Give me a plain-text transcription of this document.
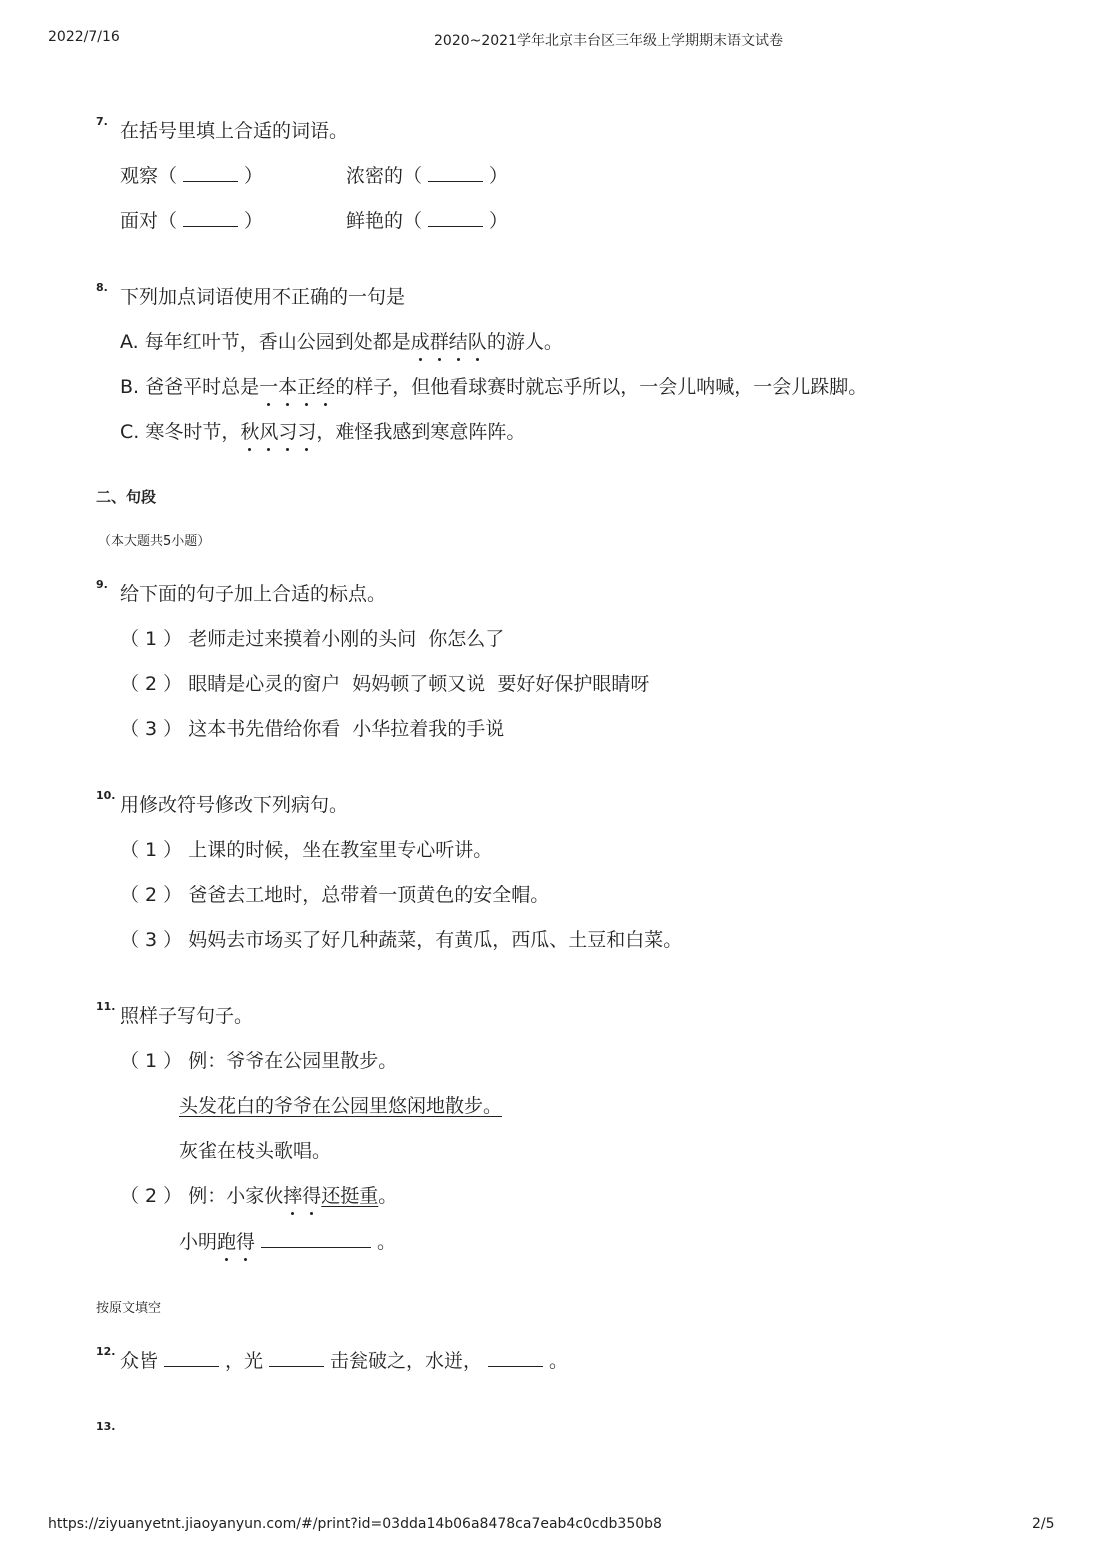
2022/7/16	2020~2021学年北京丰台区三年级上学期期末语文试卷
7. 在括号里填上合适的词语。
观察（	）	浓密的（	）
面对（	）	鲜艳的（	）
8. 下列加点词语使用不正确的一句是
A. 每年红叶节，香山公园到处都是成群结队的游人。
B. 爸爸平时总是一本正经的样子，但他看球赛时就忘乎所以，一会儿呐喊，一会儿跺脚。
C. 寒冬时节，秋风习习，难怪我感到寒意阵阵。
二、句段
（本大题共5小题）
9. 给下面的句子加上合适的标点。
（ 1 ） 老师走过来摸着小刚的头问  你怎么了
（ 2 ） 眼睛是心灵的窗户  妈妈顿了顿又说  要好好保护眼睛呀
（ 3 ） 这本书先借给你看  小华拉着我的手说
10. 用修改符号修改下列病句。
（ 1 ） 上课的时候，坐在教室里专心听讲。
（ 2 ） 爸爸去工地时，总带着一顶黄色的安全帽。
（ 3 ） 妈妈去市场买了好几种蔬菜，有黄瓜，西瓜、土豆和白菜。
11. 照样子写句子。
（ 1 ） 例：爷爷在公园里散步。
头发花白的爷爷在公园里悠闲地散步。
灰雀在枝头歌唱。
（ 2 ） 例：小家伙摔得还挺重。
小明跑得	。
按原文填空
12. 众皆	，光	击瓮破之，水迸，	。
13.
https://ziyuanyetnt.jiaoyanyun.com/#/print?id=03dda14b06a8478ca7eab4c0cdb350b8	2/5
